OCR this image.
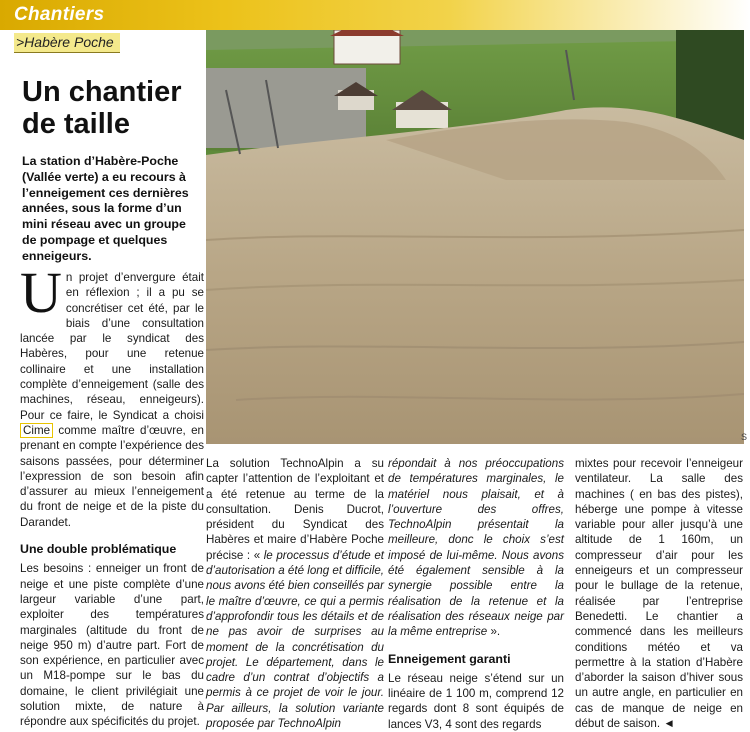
Chantiers
>Habère Poche
Un chantier
de taille

La station d’Habère-Poche (Vallée verte) a eu recours à l’enneigement ces dernières années, sous la forme d’un mini réseau avec un groupe de pompage et quelques enneigeurs.

S

Un projet d’envergure était en réflexion ; il a pu se concrétiser cet été, par le biais d’une consultation lancée par le syndicat des Habères, pour une retenue collinaire et une installation complète d’enneigement (salle des machines, réseau, enneigeurs). Pour ce faire, le Syndicat a choisi Cime comme maître d’œuvre, en prenant en compte l’expérience des saisons passées, pour déterminer l’expression de son besoin afin d’assurer au mieux l’enneigement du front de neige et de la piste du Darandet.

Une double problématique

Les besoins : enneiger un front de neige et une piste complète d’une largeur variable d’une part, exploiter des températures marginales (altitude du front de neige 950 m) d’autre part. Fort de son expérience, en particulier avec un M18-pompe sur le bas du domaine, le client privilégiait une solution mixte, de nature à répondre aux spécificités du projet.

La solution TechnoAlpin a su capter l’attention de l’exploitant et a été retenue au terme de la consultation. Denis Ducrot, président du Syndicat des Habères et maire d’Habère Poche précise : « le processus d’étude et d’autorisation a été long et difficile, nous avons été bien conseillés par le maître d’œuvre, ce qui a permis d’approfondir tous les détails et de ne pas avoir de surprises au moment de la concrétisation du projet. Le département, dans le cadre d’un contrat d’objectifs a permis à ce projet de voir le jour. Par ailleurs, la solution variante proposée par TechnoAlpin

répondait à nos préoccupations de températures marginales, le matériel nous plaisait, et à l’ouverture des offres, TechnoAlpin présentait la meilleure, donc le choix s’est imposé de lui-même. Nous avons été également sensible à la synergie possible entre la réalisation de la retenue et la réalisation des réseaux neige par la même entreprise ».

Enneigement garanti

Le réseau neige s’étend sur un linéaire de 1 100 m, comprend 12 regards dont 8 sont équipés de lances V3, 4 sont des regards

mixtes pour recevoir l’enneigeur ventilateur. La salle des machines ( en bas des pistes), héberge une pompe à vitesse variable pour aller jusqu’à une altitude de 1 160m, un compresseur d’air pour les enneigeurs et un compresseur pour le bullage de la retenue, réalisée par l’entreprise Benedetti. Le chantier a commencé dans les meilleurs conditions météo et va permettre à la station d’Habère d’aborder la saison d’hiver sous un autre angle, en particulier en cas de manque de neige en début de saison. ◄
